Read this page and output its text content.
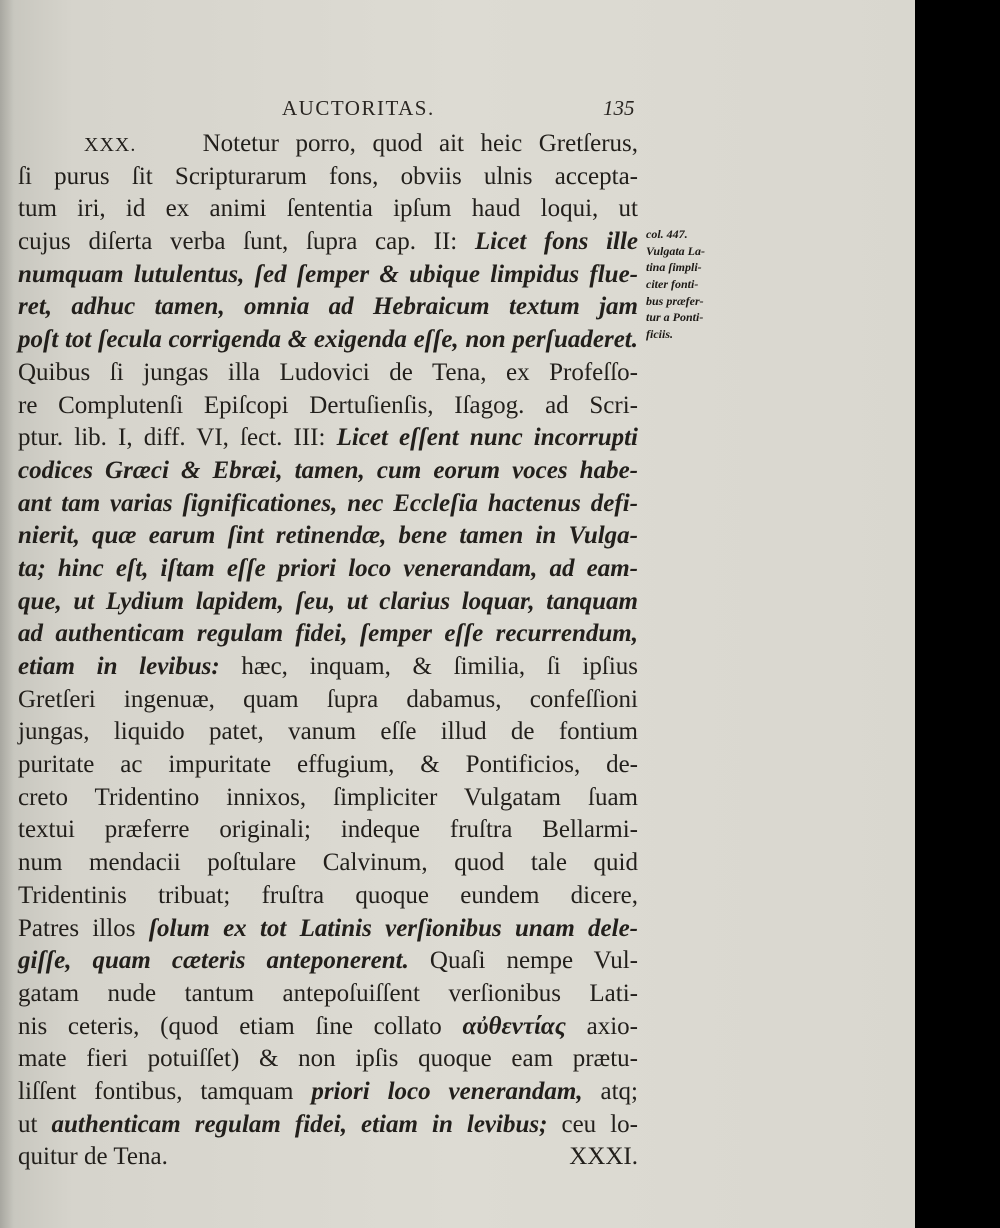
AUCTORITAS.	135
XXX.	Notetur porro, quod ait heic Gretſerus,
ſi purus ſit Scripturarum fons, obviis ulnis accepta-
tum iri, id ex animi ſententia ipſum haud loqui, ut
cujus diſerta verba ſunt, ſupra cap. II: Licet fons ille
numquam lutulentus, ſed ſemper & ubique limpidus flue-
ret, adhuc tamen, omnia ad Hebraicum textum jam
poſt tot ſecula corrigenda & exigenda eſſe, non perſuaderet.
Quibus ſi jungas illa Ludovici de Tena, ex Profeſſo-
re Complutenſi Epiſcopi Dertuſienſis, Iſagog. ad Scri-
ptur. lib. I, diff. VI, ſect. III: Licet eſſent nunc incorrupti
codices Græci & Ebræi, tamen, cum eorum voces habe-
ant tam varias ſignificationes, nec Eccleſia hactenus defi-
nierit, quæ earum ſint retinendæ, bene tamen in Vulga-
ta; hinc eſt, iſtam eſſe priori loco venerandam, ad eam-
que, ut Lydium lapidem, ſeu, ut clarius loquar, tanquam
ad authenticam regulam fidei, ſemper eſſe recurrendum,
etiam in levibus: hæc, inquam, & ſimilia, ſi ipſius
Gretſeri ingenuæ, quam ſupra dabamus, confeſſioni
jungas, liquido patet, vanum eſſe illud de fontium
puritate ac impuritate effugium, & Pontificios, de-
creto Tridentino innixos, ſimpliciter Vulgatam ſuam
textui præferre originali; indeque fruſtra Bellarmi-
num mendacii poſtulare Calvinum, quod tale quid
Tridentinis tribuat; fruſtra quoque eundem dicere,
Patres illos ſolum ex tot Latinis verſionibus unam dele-
giſſe, quam cæteris anteponerent. Quaſi nempe Vul-
gatam nude tantum antepoſuiſſent verſionibus Lati-
nis ceteris, (quod etiam ſine collato αὐθεντίας axio-
mate fieri potuiſſet) & non ipſis quoque eam prætu-
liſſent fontibus, tamquam priori loco venerandam, atq;
ut authenticam regulam fidei, etiam in levibus; ceu lo-
quitur de Tena.	XXXI.
col. 447.
Vulgata La-
tina ſimpli-
citer fonti-
bus præfer-
tur a Ponti-
ficiis.
